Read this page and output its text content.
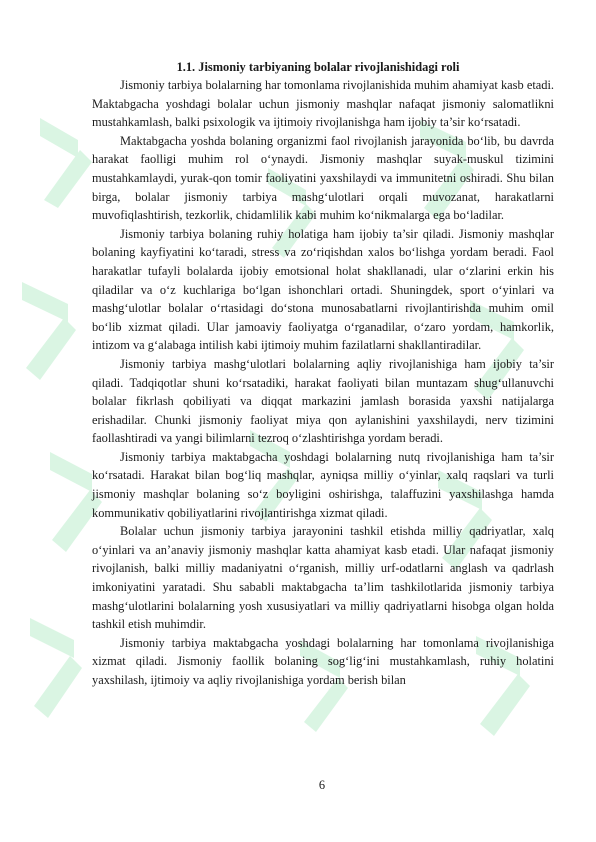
1.1. Jismoniy tarbiyaning bolalar rivojlanishidagi roli

Jismoniy tarbiya bolalarning har tomonlama rivojlanishida muhim ahamiyat kasb etadi. Maktabgacha yoshdagi bolalar uchun jismoniy mashqlar nafaqat jismoniy salomatlikni mustahkamlash, balki psixologik va ijtimoiy rivojlanishga ham ijobiy ta’sir ko‘rsatadi.

Maktabgacha yoshda bolaning organizmi faol rivojlanish jarayonida bo‘lib, bu davrda harakat faolligi muhim rol o‘ynaydi. Jismoniy mashqlar suyak-muskul tizimini mustahkamlaydi, yurak-qon tomir faoliyatini yaxshilaydi va immunitetni oshiradi. Shu bilan birga, bolalar jismoniy tarbiya mashg‘ulotlari orqali muvozanat, harakatlarni muvofiqlashtirish, tezkorlik, chidamlilik kabi muhim ko‘nikmalarga ega bo‘ladilar.

Jismoniy tarbiya bolaning ruhiy holatiga ham ijobiy ta’sir qiladi. Jismoniy mashqlar bolaning kayfiyatini ko‘taradi, stress va zo‘riqishdan xalos bo‘lishga yordam beradi. Faol harakatlar tufayli bolalarda ijobiy emotsional holat shakllanadi, ular o‘zlarini erkin his qiladilar va o‘z kuchlariga bo‘lgan ishonchlari ortadi. Shuningdek, sport o‘yinlari va mashg‘ulotlar bolalar o‘rtasidagi do‘stona munosabatlarni rivojlantirishda muhim omil bo‘lib xizmat qiladi. Ular jamoaviy faoliyatga o‘rganadilar, o‘zaro yordam, hamkorlik, intizom va g‘alabaga intilish kabi ijtimoiy muhim fazilatlarni shakllantiradilar.

Jismoniy tarbiya mashg‘ulotlari bolalarning aqliy rivojlanishiga ham ijobiy ta’sir qiladi. Tadqiqotlar shuni ko‘rsatadiki, harakat faoliyati bilan muntazam shug‘ullanuvchi bolalar fikrlash qobiliyati va diqqat markazini jamlash borasida yaxshi natijalarga erishadilar. Chunki jismoniy faoliyat miya qon aylanishini yaxshilaydi, nerv tizimini faollashtiradi va yangi bilimlarni tezroq o‘zlashtirishga yordam beradi.

Jismoniy tarbiya maktabgacha yoshdagi bolalarning nutq rivojlanishiga ham ta’sir ko‘rsatadi. Harakat bilan bog‘liq mashqlar, ayniqsa milliy o‘yinlar, xalq raqslari va turli jismoniy mashqlar bolaning so‘z boyligini oshirishga, talaffuzini yaxshilashga hamda kommunikativ qobiliyatlarini rivojlantirishga xizmat qiladi.

Bolalar uchun jismoniy tarbiya jarayonini tashkil etishda milliy qadriyatlar, xalq o‘yinlari va an’anaviy jismoniy mashqlar katta ahamiyat kasb etadi. Ular nafaqat jismoniy rivojlanish, balki milliy madaniyatni o‘rganish, milliy urf-odatlarni anglash va qadrlash imkoniyatini yaratadi. Shu sababli maktabgacha ta’lim tashkilotlarida jismoniy tarbiya mashg‘ulotlarini bolalarning yosh xususiyatlari va milliy qadriyatlarni hisobga olgan holda tashkil etish muhimdir.

Jismoniy tarbiya maktabgacha yoshdagi bolalarning har tomonlama rivojlanishiga xizmat qiladi. Jismoniy faollik bolaning sog‘lig‘ini mustahkamlash, ruhiy holatini yaxshilash, ijtimoiy va aqliy rivojlanishiga yordam berish bilan

6
